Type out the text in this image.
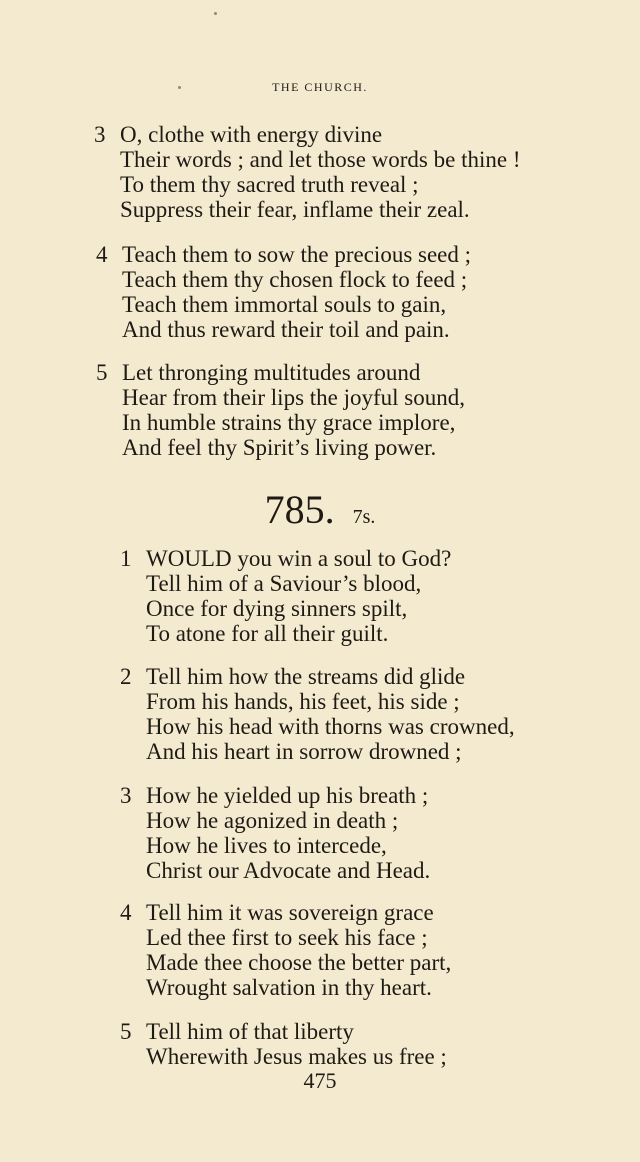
THE CHURCH.
3 O, clothe with energy divine
Their words ; and let those words be thine !
To them thy sacred truth reveal ;
Suppress their fear, inflame their zeal.
4 Teach them to sow the precious seed ;
Teach them thy chosen flock to feed ;
Teach them immortal souls to gain,
And thus reward their toil and pain.
5 Let thronging multitudes around
Hear from their lips the joyful sound,
In humble strains thy grace implore,
And feel thy Spirit’s living power.
785. 7s.
1 WOULD you win a soul to God?
Tell him of a Saviour’s blood,
Once for dying sinners spilt,
To atone for all their guilt.
2 Tell him how the streams did glide
From his hands, his feet, his side ;
How his head with thorns was crowned,
And his heart in sorrow drowned ;
3 How he yielded up his breath ;
How he agonized in death ;
How he lives to intercede,
Christ our Advocate and Head.
4 Tell him it was sovereign grace
Led thee first to seek his face ;
Made thee choose the better part,
Wrought salvation in thy heart.
5 Tell him of that liberty
Wherewith Jesus makes us free ;
475
